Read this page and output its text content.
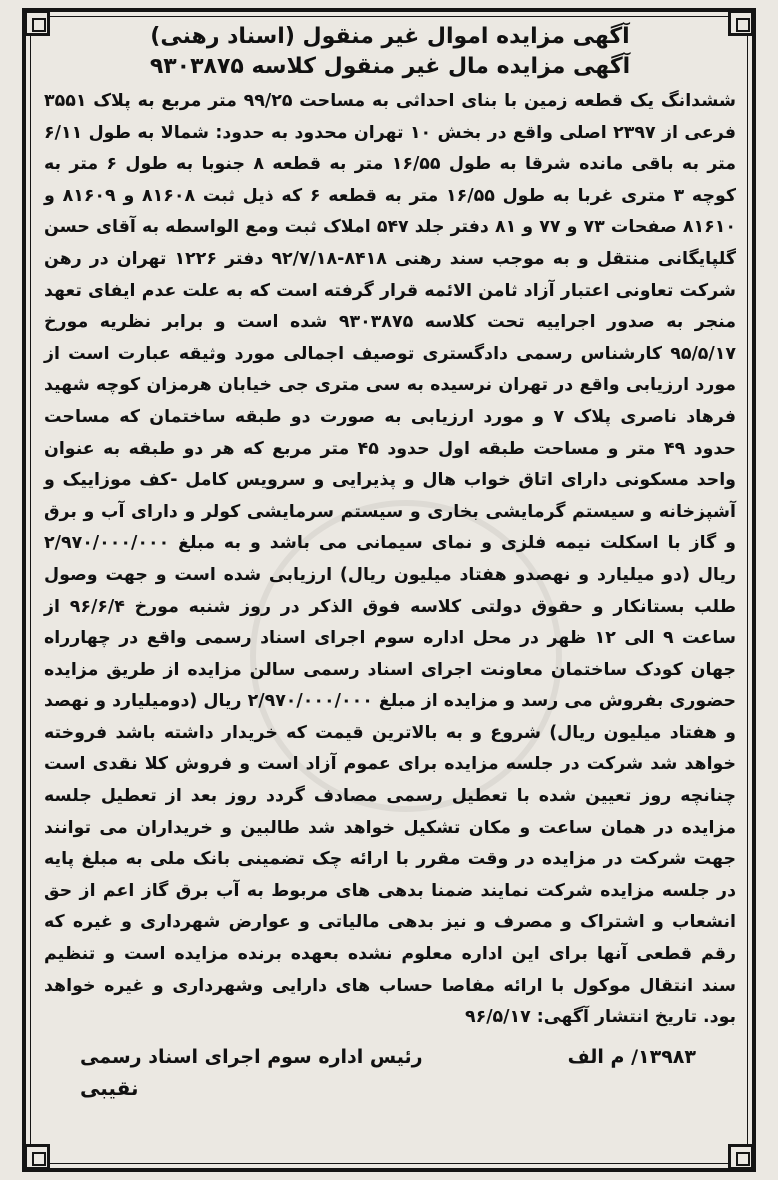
آگهی مزایده اموال غیر منقول (اسناد رهنی)

آگهی مزایده مال غیر منقول کلاسه ۹۳۰۳۸۷۵

ششدانگ یک قطعه زمین با بنای احداثی به مساحت ۹۹/۲۵ متر مربع به پلاک ۳۵۵۱ فرعی از ۲۳۹۷ اصلی واقع در بخش ۱۰ تهران محدود به حدود: شمالا به طول ۶/۱۱ متر به باقی مانده شرقا به طول ۱۶/۵۵ متر به قطعه ۸ جنوبا به طول ۶ متر به کوچه ۳ متری غربا به طول ۱۶/۵۵ متر به قطعه ۶ که ذیل ثبت ۸۱۶۰۸ و ۸۱۶۰۹ و ۸۱۶۱۰ صفحات ۷۳ و ۷۷ و ۸۱ دفتر جلد ۵۴۷ املاک ثبت ومع الواسطه به آقای حسن گلپایگانی منتقل و به موجب سند رهنی ۸۴۱۸-۹۲/۷/۱۸ دفتر ۱۲۲۶ تهران در رهن شرکت تعاونی اعتبار آزاد ثامن الائمه قرار گرفته است که به علت عدم ایفای تعهد منجر به صدور اجراییه تحت کلاسه ۹۳۰۳۸۷۵ شده است و برابر نظریه مورخ ۹۵/۵/۱۷ کارشناس رسمی دادگستری توصیف اجمالی مورد وثیقه عبارت است از مورد ارزیابی واقع در تهران نرسیده به سی متری جی خیابان هرمزان کوچه شهید فرهاد ناصری پلاک ۷ و مورد ارزیابی به صورت دو طبقه ساختمان که مساحت حدود ۴۹ متر و مساحت طبقه اول حدود ۴۵ متر مربع که هر دو طبقه به عنوان واحد مسکونی دارای اتاق خواب هال و پذیرایی و سرویس کامل -کف موزاییک و آشپزخانه و سیستم گرمایشی بخاری و سیستم سرمایشی کولر و دارای آب و برق و گاز با اسکلت نیمه فلزی و نمای سیمانی می باشد و به مبلغ ۲/۹۷۰/۰۰۰/۰۰۰ ریال (دو میلیارد و نهصدو هفتاد میلیون ریال) ارزیابی شده است و جهت وصول طلب بستانکار و حقوق دولتی کلاسه فوق الذکر در روز شنبه مورخ ۹۶/۶/۴ از ساعت ۹ الی ۱۲ ظهر در محل اداره سوم اجرای اسناد رسمی واقع در چهارراه جهان کودک ساختمان معاونت اجرای اسناد رسمی سالن مزایده از طریق مزایده حضوری بفروش می رسد و مزایده از مبلغ ۲/۹۷۰/۰۰۰/۰۰۰ ریال (دومیلیارد و نهصد و هفتاد میلیون ریال) شروع و به بالاترین قیمت که خریدار داشته باشد فروخته خواهد شد شرکت در جلسه مزایده برای عموم آزاد است و فروش کلا نقدی است چنانچه روز تعیین شده با تعطیل رسمی مصادف گردد روز بعد از تعطیل جلسه مزایده در همان ساعت و مکان تشکیل خواهد شد طالبین و خریداران می توانند جهت شرکت در مزایده در وقت مقرر با ارائه چک تضمینی بانک ملی به مبلغ پایه در جلسه مزایده شرکت نمایند ضمنا بدهی های مربوط به آب برق گاز اعم از حق انشعاب و اشتراک و مصرف و نیز بدهی مالیاتی و عوارض شهرداری و غیره که رقم قطعی آنها برای این اداره معلوم نشده بعهده برنده مزایده است و تنظیم سند انتقال موکول با ارائه مفاصا حساب های دارایی وشهرداری و غیره خواهد بود. تاریخ انتشار آگهی: ۹۶/۵/۱۷

۱۳۹۸۳/ م الف
رئیس اداره سوم اجرای اسناد رسمی
نقیبی
